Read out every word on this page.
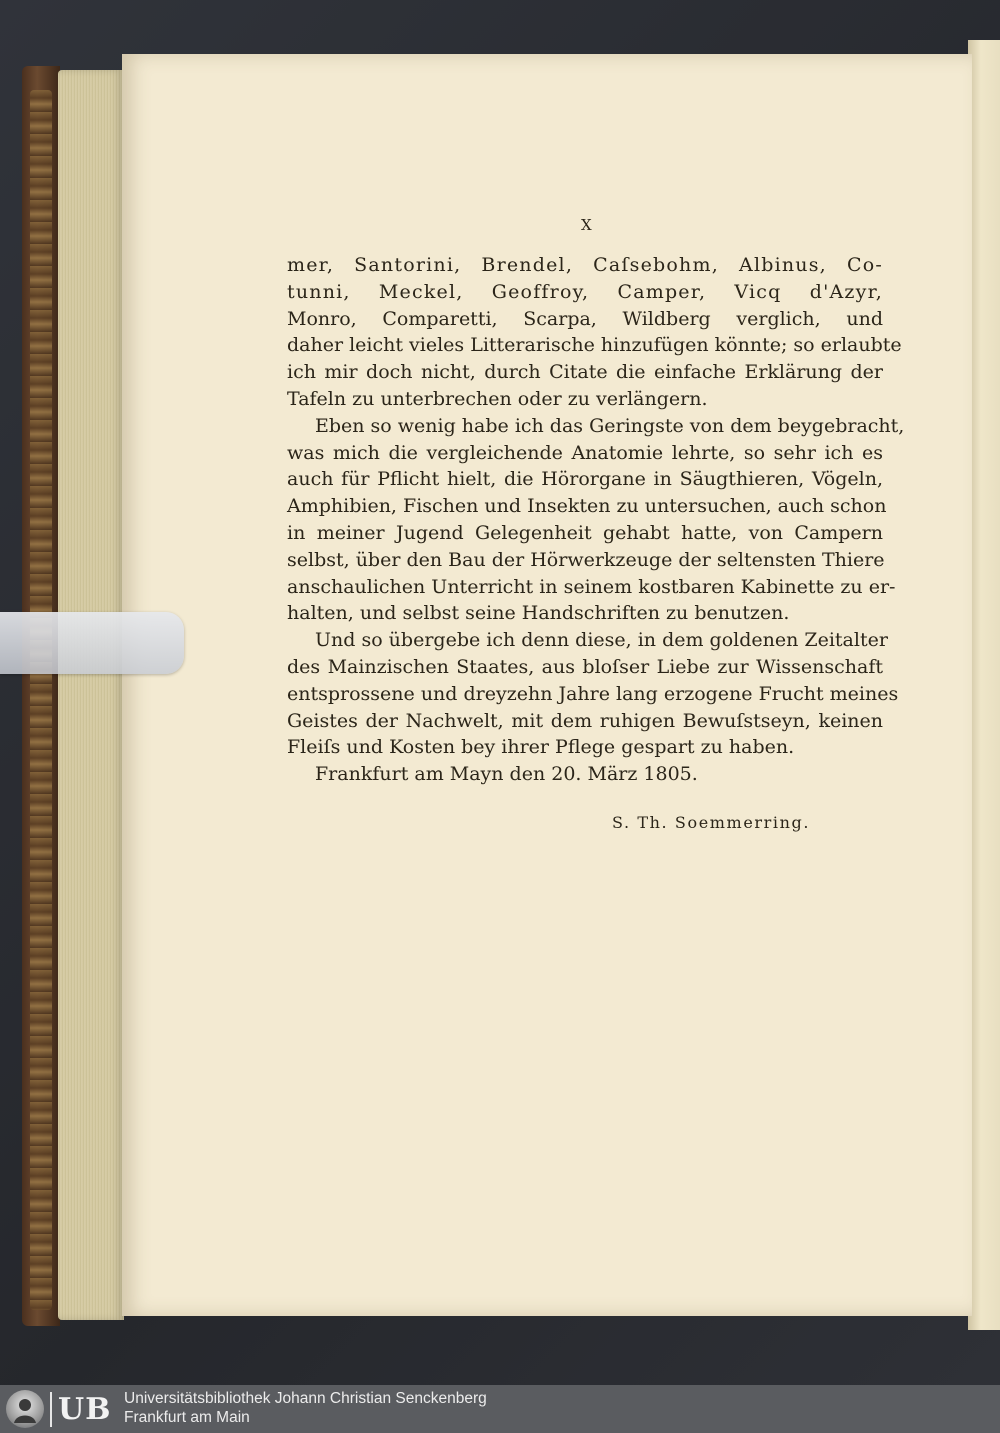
X
mer, Santorini, Brendel, Caſsebohm, Albinus, Co-
tunni, Meckel, Geoffroy, Camper, Vicq d'Azyr,
Monro, Comparetti, Scarpa, Wildberg verglich, und
daher leicht vieles Litterarische hinzufügen könnte; so erlaubte
ich mir doch nicht, durch Citate die einfache Erklärung der
Tafeln zu unterbrechen oder zu verlängern.
Eben so wenig habe ich das Geringste von dem beygebracht,
was mich die vergleichende Anatomie lehrte, so sehr ich es
auch für Pflicht hielt, die Hörorgane in Säugthieren, Vögeln,
Amphibien, Fischen und Insekten zu untersuchen, auch schon
in meiner Jugend Gelegenheit gehabt hatte, von Campern
selbst, über den Bau der Hörwerkzeuge der seltensten Thiere
anschaulichen Unterricht in seinem kostbaren Kabinette zu er-
halten, und selbst seine Handschriften zu benutzen.
Und so übergebe ich denn diese, in dem goldenen Zeitalter
des Mainzischen Staates, aus bloſser Liebe zur Wissenschaft
entsprossene und dreyzehn Jahre lang erzogene Frucht meines
Geistes der Nachwelt, mit dem ruhigen Bewuſstseyn, keinen
Fleiſs und Kosten bey ihrer Pflege gespart zu haben.
Frankfurt am Mayn den 20. März 1805.
S. Th. Soemmerring.
UB Universitätsbibliothek Johann Christian Senckenberg
Frankfurt am Main
